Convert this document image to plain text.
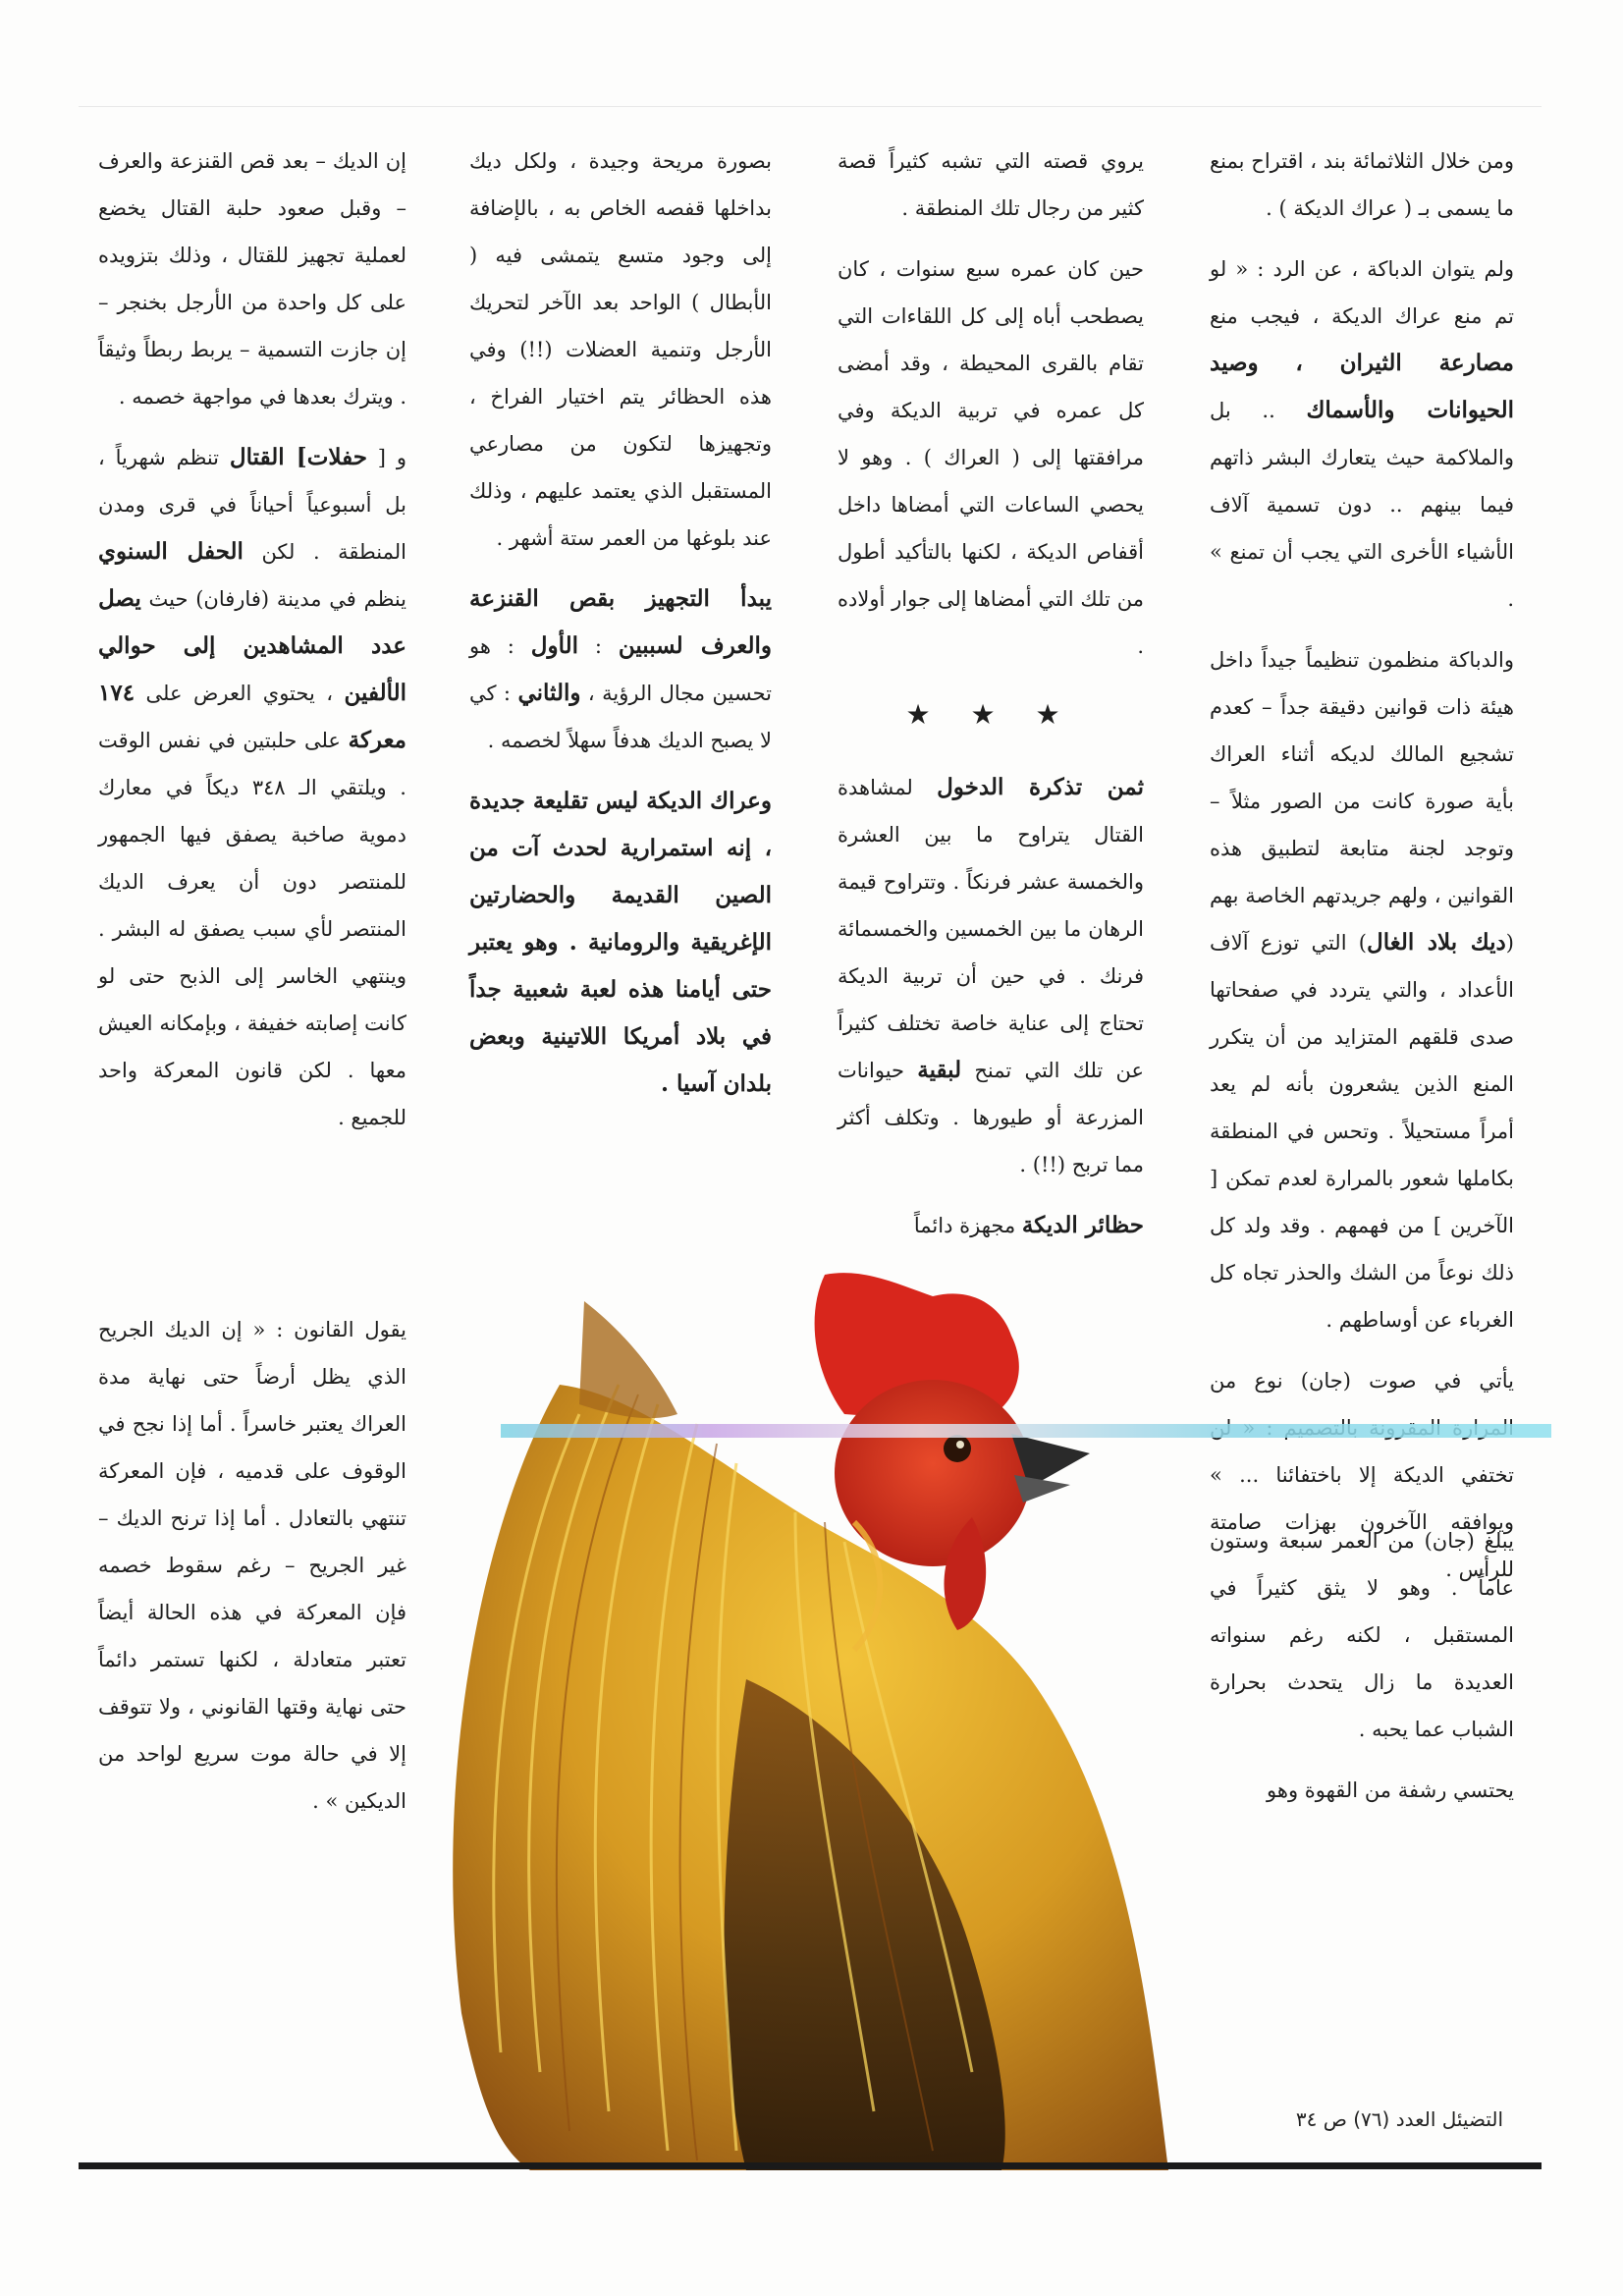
ومن خلال الثلاثمائة بند ، اقتراح بمنع ما يسمى بـ ( عراك الديكة ) .

ولم يتوان الدباكة ، عن الرد : « لو تم منع عراك الديكة ، فيجب منع مصارعة الثيران ، وصيد الحيوانات والأسماك .. بل والملاكمة حيث يتعارك البشر ذاتهم فيما بينهم .. دون تسمية آلاف الأشياء الأخرى التي يجب أن تمنع » .

والدباكة منظمون تنظيماً جيداً داخل هيئة ذات قوانين دقيقة جداً – كعدم تشجيع المالك لديكه أثناء العراك بأية صورة كانت من الصور مثلاً – وتوجد لجنة متابعة لتطبيق هذه القوانين ، ولهم جريدتهم الخاصة بهم (ديك بلاد الغال) التي توزع آلاف الأعداد ، والتي يتردد في صفحاتها صدى قلقهم المتزايد من أن يتكرر المنع الذين يشعرون بأنه لم يعد أمراً مستحيلاً . وتحس في المنطقة بكاملها شعور بالمرارة لعدم تمكن [ الآخرين ] من فهمهم . وقد ولد كل ذلك نوعاً من الشك والحذر تجاه كل الغرباء عن أوساطهم .

يأتي في صوت (جان) نوع من تختفي الديكة إلا باختفائنا ... » ويوافقه الآخرون بهزات صامتة للرأس .

يروي قصته التي تشبه كثيراً قصة كثير من رجال تلك المنطقة .

حين كان عمره سبع سنوات ، كان يصطحب أباه إلى كل اللقاءات التي تقام بالقرى المحيطة ، وقد أمضى كل عمره في تربية الديكة وفي مرافقتها إلى ( العراك ) . وهو لا يحصي الساعات التي أمضاها داخل أقفاص الديكة ، لكنها بالتأكيد أطول من تلك التي أمضاها إلى جوار أولاده .

★ ★ ★

ثمن تذكرة الدخول لمشاهدة القتال يتراوح ما بين العشرة والخمسة عشر فرنكاً . وتتراوح قيمة الرهان ما بين الخمسين والخمسمائة فرنك . في حين أن تربية الديكة تحتاج إلى عناية خاصة تختلف كثيراً عن تلك التي تمنح لبقية حيوانات المزرعة أو طيورها . وتكلف أكثر مما تربح (!!) .

حظائر الديكة مجهزة دائماً

بصورة مريحة وجيدة ، ولكل ديك بداخلها قفصه الخاص به ، بالإضافة إلى وجود متسع يتمشى فيه ( الأبطال ) الواحد بعد الآخر لتحريك الأرجل وتنمية العضلات (!!) وفي هذه الحظائر يتم اختيار الفراخ ، وتجهيزها لتكون من مصارعي المستقبل الذي يعتمد عليهم ، وذلك عند بلوغها من العمر ستة أشهر .

يبدأ التجهيز بقص القنزعة والعرف لسببين : الأول : هو تحسين مجال الرؤية ، والثاني : كي لا يصبح الديك هدفاً سهلاً لخصمه .

وعراك الديكة ليس تقليعة جديدة ، إنه استمرارية لحدث آت من الصين القديمة والحضارتين الإغريقية والرومانية . وهو يعتبر حتى أيامنا هذه لعبة شعبية جداً في بلاد أمريكا اللاتينية وبعض بلدان آسيا .

إن الديك – بعد قص القنزعة والعرف – وقبل صعود حلبة القتال يخضع لعملية تجهيز للقتال ، وذلك بتزويده على كل واحدة من الأرجل بخنجر – إن جازت التسمية – يربط ربطاً وثيقاً . ويترك بعدها في مواجهة خصمه .

و [ حفلات] القتال تنظم شهرياً ، بل أسبوعياً أحياناً في قرى ومدن المنطقة . لكن الحفل السنوي ينظم في مدينة (فارفان) حيث يصل عدد المشاهدين إلى حوالي الألفين ، يحتوي العرض على ١٧٤ معركة على حلبتين في نفس الوقت . ويلتقي الـ ٣٤٨ ديكاً في معارك دموية صاخبة يصفق فيها الجمهور للمنتصر دون أن يعرف الديك المنتصر لأي سبب يصفق له البشر . وينتهي الخاسر إلى الذبح حتى لو كانت إصابته خفيفة ، وبإمكانه العيش معها . لكن قانون المعركة واحد للجميع .

يبلغ (جان) من العمر سبعة وستون عاماً . وهو لا يثق كثيراً في المستقبل ، لكنه رغم سنواته العديدة ما زال يتحدث بحرارة الشباب عما يحبه .

يحتسي رشفة من القهوة وهو

يقول القانون : « إن الديك الجريح الذي يظل أرضاً حتى نهاية مدة العراك يعتبر خاسراً . أما إذا نجح في الوقوف على قدميه ، فإن المعركة تنتهي بالتعادل . أما إذا ترنح الديك – غير الجريح – رغم سقوط خصمه فإن المعركة في هذه الحالة أيضاً تعتبر متعادلة ، لكنها تستمر دائماً حتى نهاية وقتها القانوني ، ولا تتوقف إلا في حالة موت سريع لواحد من الديكين » .

التضيئل العدد (٧٦) ص ٣٤
